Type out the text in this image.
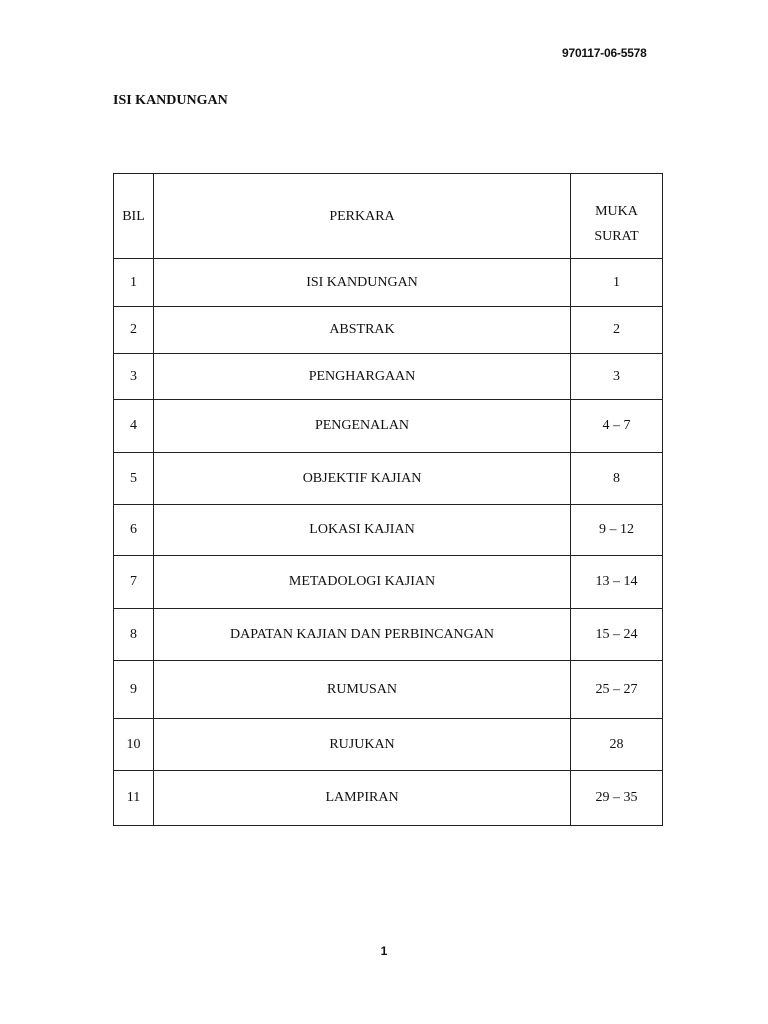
970117-06-5578
ISI KANDUNGAN
BIL	PERKARA	MUKA
SURAT
1	ISI KANDUNGAN	1
2	ABSTRAK	2
3	PENGHARGAAN	3
4	PENGENALAN	4 – 7
5	OBJEKTIF KAJIAN	8
6	LOKASI KAJIAN	9 – 12
7	METADOLOGI KAJIAN	13 – 14
8	DAPATAN KAJIAN DAN PERBINCANGAN	15 – 24
9	RUMUSAN	25 – 27
10	RUJUKAN	28
11	LAMPIRAN	29 – 35
1
